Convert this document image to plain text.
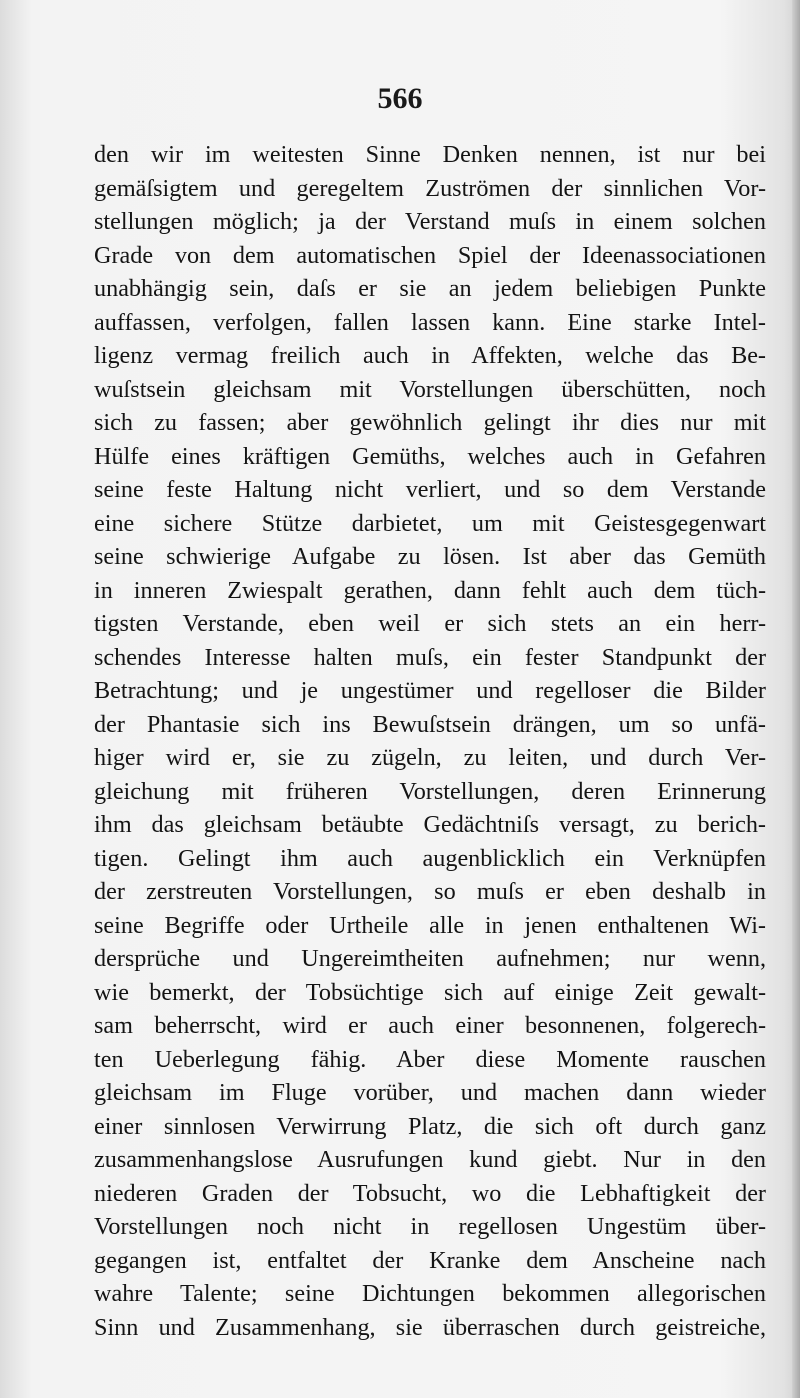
566
den wir im weitesten Sinne Denken nennen, ist nur bei
gemäſsigtem und geregeltem Zuströmen der sinnlichen Vor-
stellungen möglich; ja der Verstand muſs in einem solchen
Grade von dem automatischen Spiel der Ideenassociationen
unabhängig sein, daſs er sie an jedem beliebigen Punkte
auffassen, verfolgen, fallen lassen kann. Eine starke Intel-
ligenz vermag freilich auch in Affekten, welche das Be-
wuſstsein gleichsam mit Vorstellungen überschütten, noch
sich zu fassen; aber gewöhnlich gelingt ihr dies nur mit
Hülfe eines kräftigen Gemüths, welches auch in Gefahren
seine feste Haltung nicht verliert, und so dem Verstande
eine sichere Stütze darbietet, um mit Geistesgegenwart
seine schwierige Aufgabe zu lösen. Ist aber das Gemüth
in inneren Zwiespalt gerathen, dann fehlt auch dem tüch-
tigsten Verstande, eben weil er sich stets an ein herr-
schendes Interesse halten muſs, ein fester Standpunkt der
Betrachtung; und je ungestümer und regelloser die Bilder
der Phantasie sich ins Bewuſstsein drängen, um so unfä-
higer wird er, sie zu zügeln, zu leiten, und durch Ver-
gleichung mit früheren Vorstellungen, deren Erinnerung
ihm das gleichsam betäubte Gedächtniſs versagt, zu berich-
tigen. Gelingt ihm auch augenblicklich ein Verknüpfen
der zerstreuten Vorstellungen, so muſs er eben deshalb in
seine Begriffe oder Urtheile alle in jenen enthaltenen Wi-
dersprüche und Ungereimtheiten aufnehmen; nur wenn,
wie bemerkt, der Tobsüchtige sich auf einige Zeit gewalt-
sam beherrscht, wird er auch einer besonnenen, folgerech-
ten Ueberlegung fähig. Aber diese Momente rauschen
gleichsam im Fluge vorüber, und machen dann wieder
einer sinnlosen Verwirrung Platz, die sich oft durch ganz
zusammenhangslose Ausrufungen kund giebt. Nur in den
niederen Graden der Tobsucht, wo die Lebhaftigkeit der
Vorstellungen noch nicht in regellosen Ungestüm über-
gegangen ist, entfaltet der Kranke dem Anscheine nach
wahre Talente; seine Dichtungen bekommen allegorischen
Sinn und Zusammenhang, sie überraschen durch geistreiche,
